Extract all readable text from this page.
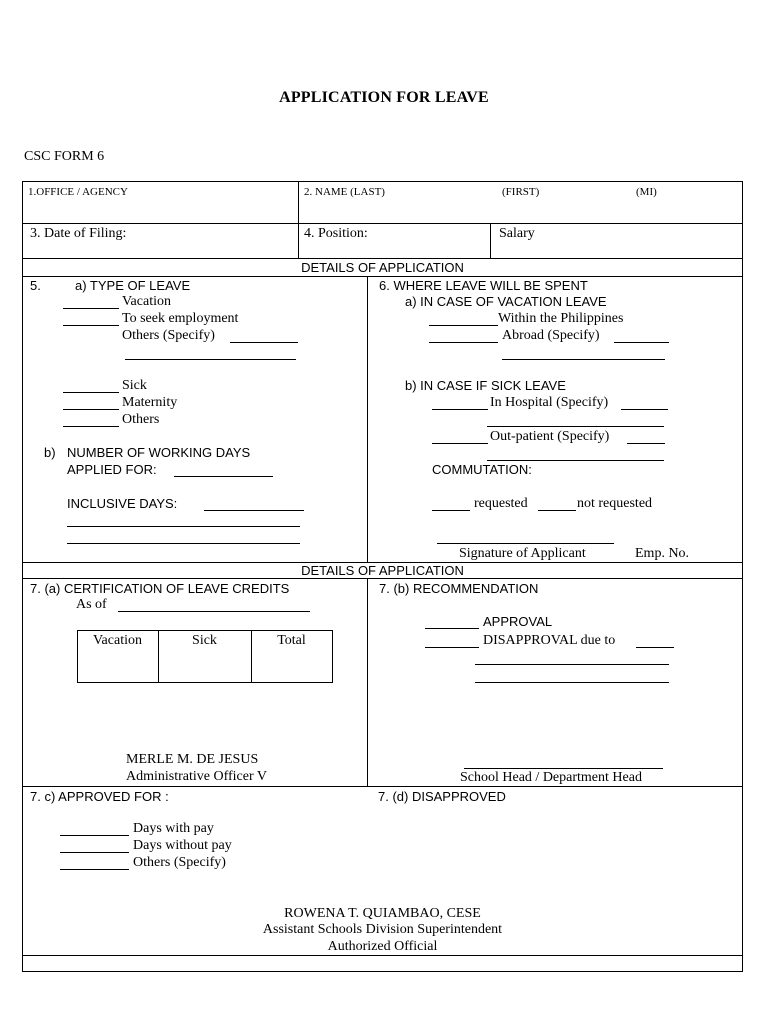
APPLICATION FOR LEAVE
CSC FORM 6
1.OFFICE / AGENCY	2. NAME (LAST)	(FIRST)	(MI)
3. Date of Filing:	4. Position:	Salary
DETAILS OF APPLICATION
5.	a) TYPE OF LEAVE
Vacation
To seek employment
Others (Specify)
Sick
Maternity
Others
b) NUMBER OF WORKING DAYS
APPLIED FOR:
INCLUSIVE DAYS:
6. WHERE LEAVE WILL BE SPENT
a) IN CASE OF VACATION LEAVE
Within the Philippines
Abroad (Specify)
b) IN CASE IF SICK LEAVE
In Hospital (Specify)
Out-patient (Specify)
COMMUTATION:
requested	not requested
Signature of Applicant	Emp. No.
DETAILS OF APPLICATION
7. (a) CERTIFICATION OF LEAVE CREDITS
As of
Vacation	Sick	Total
MERLE M. DE JESUS
Administrative Officer V
7. (b) RECOMMENDATION
APPROVAL
DISAPPROVAL due to
School Head / Department Head
7. c) APPROVED FOR :	7. (d) DISAPPROVED
Days with pay
Days without pay
Others (Specify)
ROWENA T. QUIAMBAO, CESE
Assistant Schools Division Superintendent
Authorized Official
